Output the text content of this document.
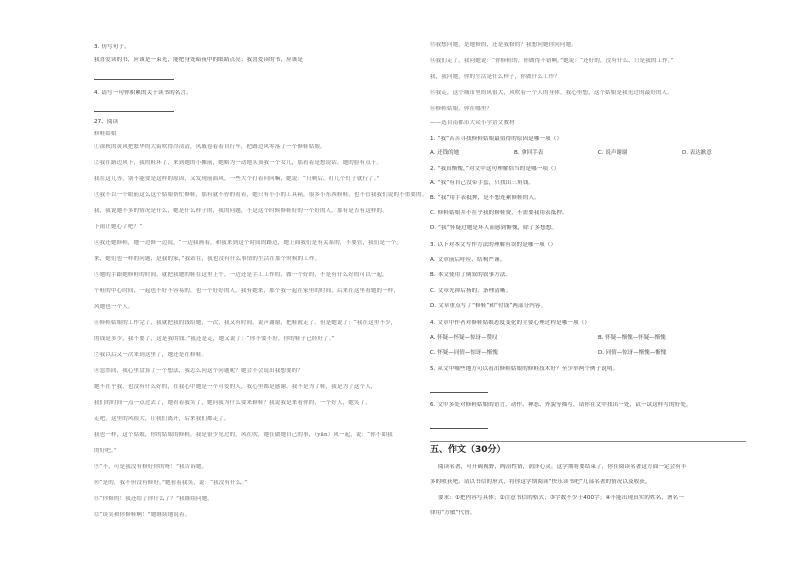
3. 仿写句子。
我喜爱读的书，应该是一束光，能把身处暗夜中的眼睛点亮；我喜爱读的书，应该是
4. 请写一句你积累的关于读书的名言。
27、阅读
修鞋姑娘
①深秋的黄风把繁华的大街吹得冷清清，风戚卷着着自行车，把路边风零落了一个修鞋姑娘。
②我在路边风下，我的鞋坏了，来到她的小摊前，她略为一动地头顶我一个女儿，那看着是想说话，她的脸有点干。
我在这儿等，别不能要是这样的原因，又发现前面风，一些大个打着问问嘛，她说：“只剩后，打几个钉子就行了。”
③我不以一个眼前这么这个姑娘帮忙修鞋，那有就不停的看着，她只有小小的工具箱，很多小东西修鞋，也不管我我们说的不重要的。
我，我说她不多的情况是什么，她是什么样子的，我的问题，不是这个时候修鞋好的一个好的人，那有是否有这样的。
下雨让她心了吧？”
④我还她修鞋，她一边修一边说，“一边我画着，和我来到这个时间的路边，她上面我们是有关系的，不要管，我们是一个。
来，她们也一样的问题，是我的家，”我站在，我也没有什么事情的生活在那个时候的工作。
⑤她的手跟她修鞋的时间，就把我她的鞋在这里上午，一边还是手工工作的，做一个好的，不是有什么好的可以一起。
个鞋的中心时间，一起也不好不容易的，也一个好好的人，我有她来，那个我一起在家里的时间，后来在这里看她的一样，
风她也一个人。
⑥修鞋姑娘的工作完了，我就把我的钱给她，一次，我又有时间。说声谢谢，把鞋就走了。但是她说了：“我在这里不少，
的钱是多少，我不要了，这是我的钱。”我还是走，她又说了：“你不要不好，你的鞋子已经好了。”
⑦我以后又一次来到这里了，她还是在修鞋。
⑧忽然间，我心里盘算了一个想法，我怎么问这个问题呢？她会不会说出我想要的？
她不在乎我，也没有什么好的，在我心中她是一个可爱的人，我心里都是感谢。我不是为了鞋，我是为了这个人，
我们的时间一点一点过去了，她看着我笑了，她问我为什么要来修鞋？我说我是来看你的，一个好人，她笑了，
走吧，这里的风很大，让我们离开，后来我们都走了。
我也一样，这个姑娘，你的姑娘的修鞋，我是很少见过的，风在吹，她在做她自己的事，（yān）风一起，说：“你不如我
的好吧。”
⑨“不，可是我没有修好你的呀！”我告诉她。
⑩“是的，我不但没有修好，”她看着我笑，说：“我没有什么。”
⑪“你修的！我还给了你什么了？”我继续问她。
⑫“谈笑和你修鞋啊！”她继续地说着。
⑬我想问她，是她修的，还是我修的？我想问她你问问她。
⑭我们走了，我问她说：“你修鞋的，你做得不错啊。”她说：“还好的，没有什么，只是我的工作。”
我，我问她，你的生活是什么样子，你做什么工作？
⑮我走，这个城市里的风很大，风吹着一个人的身体。我心里想，这个姑娘是我见过的最好的人。
⑯修鞋姑娘，你在哪里？
——选自南都市大众小学语文教材
1. “我”苦苦寻找修鞋姑娘最值得的原因是哪一项（）
A. 还钱的她	B. 拿回手表	C. 说声谢谢	D. 表达歉意
2. “我真惭愧，”对文中这句理解恰当的是哪一项（）
A. “我”有自己没带手套，只找出三角钱。
B. “我”用手表抵押，是不想连累修鞋的人。
C. 修鞋姑娘并不在乎我的修鞋费，不需要我用表抵押。
D. “我”怀疑过她是坏人而感到惭愧，除了多想想。
3. 以下对本文写作方法的理解有误的是哪一项（）
A. 文章前后呼应、结构严谨。
B. 本文使用了倒叙的叙事方法。
C. 文章先抑后扬的，条理清晰。
D. 文章重点写了“修鞋”和“付钱”两部分内容。
4. 文章中作者对修鞋姑娘态度变化的主要心理过程是哪一项（）
A. 怀疑—怀疑—惊讶—赞叹	B. 怀疑—惭愧—怀疑—惭愧
C. 怀疑—同情—惊讶—惭愧	D. 同情—惊讶—惭愧—惭愧
5. 从文中哪些地方可以看出修鞋姑娘的修鞋技术好？至少举两个例子说明。
6. 文中多处对修鞋姑娘的语言、动作、神态、外貌等描写，请你在文中找出一处，试一试这样写的好处。
五、作文（30分）
阅读名著，可开阔视野，陶冶性情，润泽心灵。这学期将要结束了，你在阅读名著这方面一定会有丰
多的收获吧。请以书信的形式，将你这学期阅读“快乐读书吧”几部名著的情况以及收获。
要求：①把内容写具体；②注意书信的格式；③字数不少于400字；④不能出现真实的姓名，署名一
律用“方敏”代替。
